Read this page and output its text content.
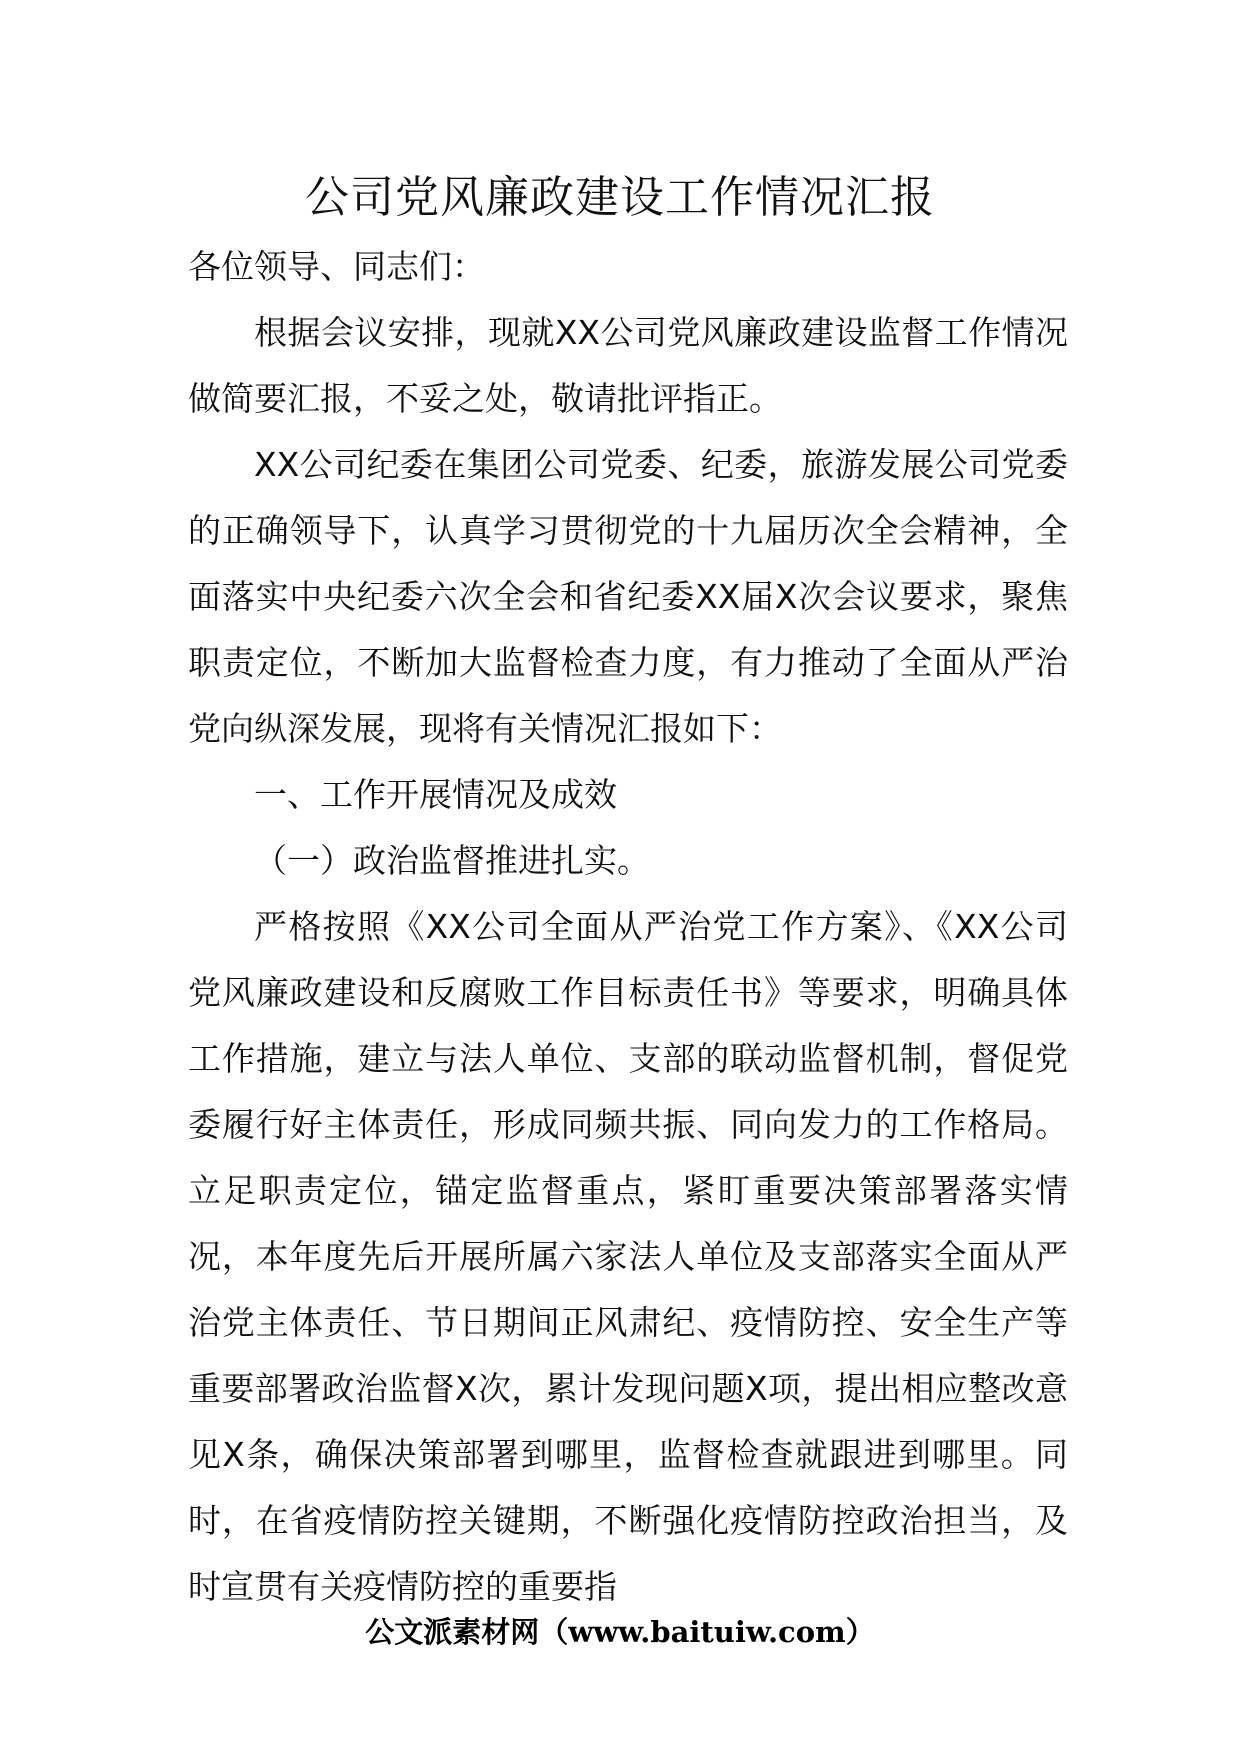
公司党风廉政建设工作情况汇报

各位领导、同志们：

根据会议安排，现就XX公司党风廉政建设监督工作情况做简要汇报，不妥之处，敬请批评指正。

XX公司纪委在集团公司党委、纪委，旅游发展公司党委的正确领导下，认真学习贯彻党的十九届历次全会精神，全面落实中央纪委六次全会和省纪委XX届X次会议要求，聚焦职责定位，不断加大监督检查力度，有力推动了全面从严治党向纵深发展，现将有关情况汇报如下：

一、工作开展情况及成效

（一）政治监督推进扎实。

严格按照《XX公司全面从严治党工作方案》、《XX公司党风廉政建设和反腐败工作目标责任书》等要求，明确具体工作措施，建立与法人单位、支部的联动监督机制，督促党委履行好主体责任，形成同频共振、同向发力的工作格局。立足职责定位，锚定监督重点，紧盯重要决策部署落实情况，本年度先后开展所属六家法人单位及支部落实全面从严治党主体责任、节日期间正风肃纪、疫情防控、安全生产等重要部署政治监督X次，累计发现问题X项，提出相应整改意见X条，确保决策部署到哪里，监督检查就跟进到哪里。同时，在省疫情防控关键期，不断强化疫情防控政治担当，及时宣贯有关疫情防控的重要指

公文派素材网（www.baituiw.com）
